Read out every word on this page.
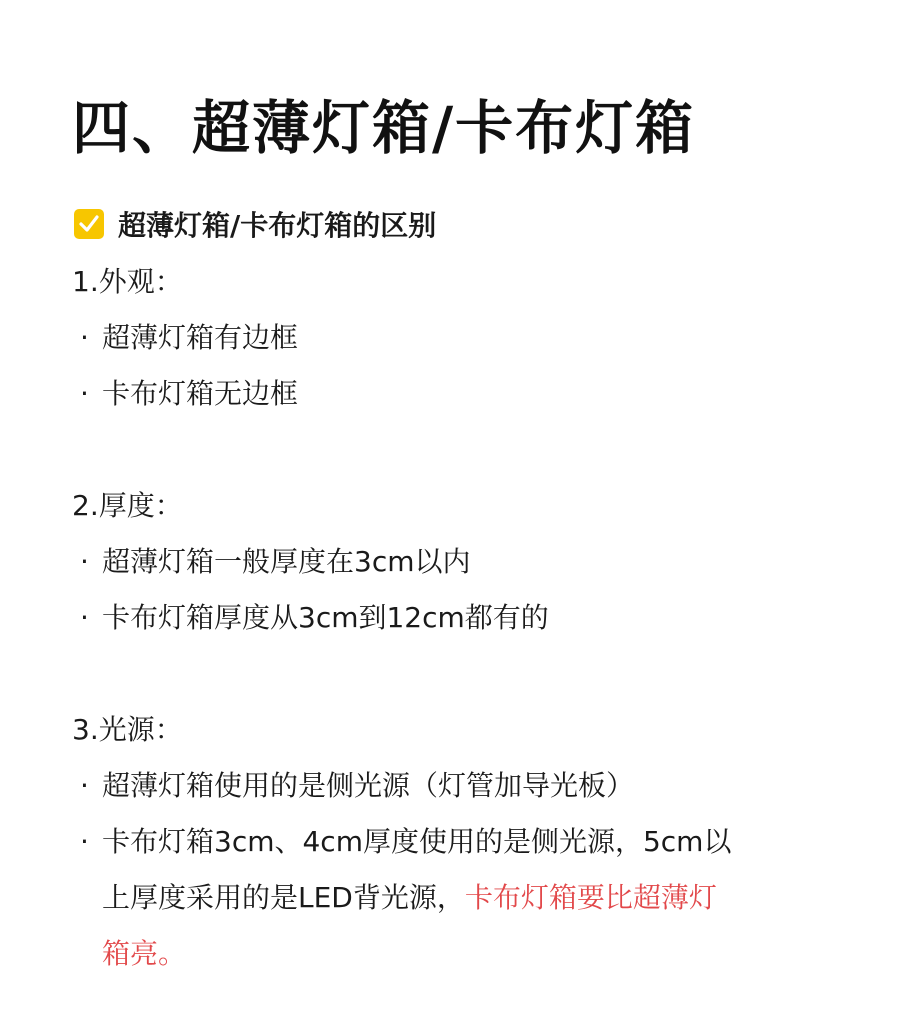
四、超薄灯箱/卡布灯箱
超薄灯箱/卡布灯箱的区别
1.外观：
· 超薄灯箱有边框
· 卡布灯箱无边框
2.厚度：
· 超薄灯箱一般厚度在3cm以内
· 卡布灯箱厚度从3cm到12cm都有的
3.光源：
· 超薄灯箱使用的是侧光源（灯管加导光板）
· 卡布灯箱3cm、4cm厚度使用的是侧光源，5cm以
上厚度采用的是LED背光源，卡布灯箱要比超薄灯
箱亮。
